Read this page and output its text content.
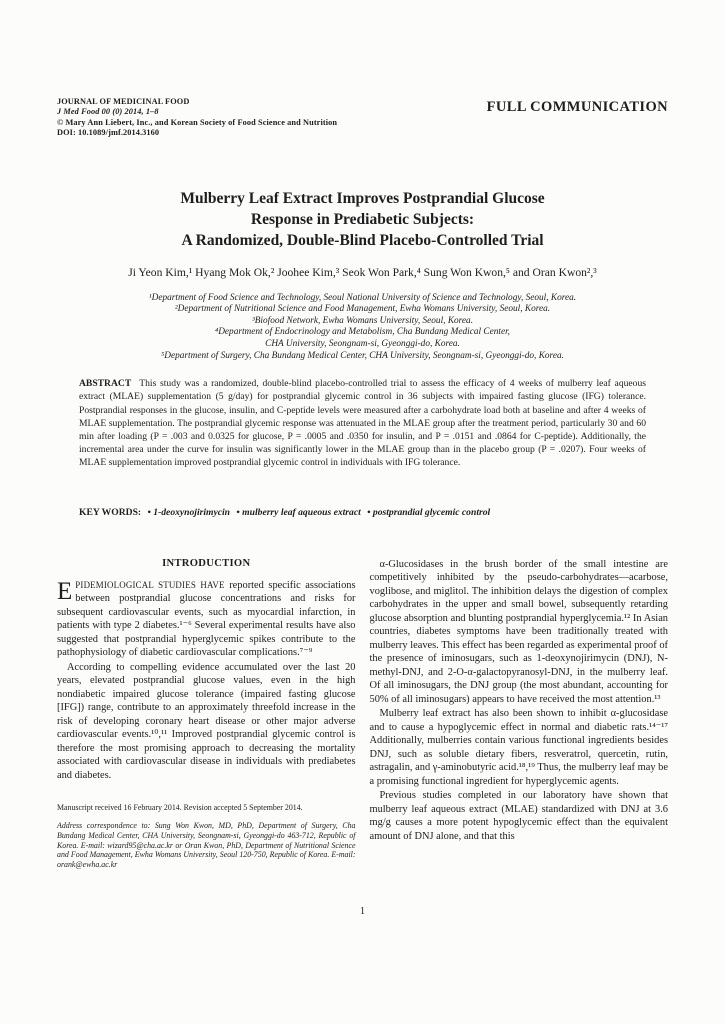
JOURNAL OF MEDICINAL FOOD
J Med Food 00 (0) 2014, 1–8
© Mary Ann Liebert, Inc., and Korean Society of Food Science and Nutrition
DOI: 10.1089/jmf.2014.3160
FULL COMMUNICATION
Mulberry Leaf Extract Improves Postprandial Glucose
Response in Prediabetic Subjects:
A Randomized, Double-Blind Placebo-Controlled Trial
Ji Yeon Kim,¹ Hyang Mok Ok,² Joohee Kim,³ Seok Won Park,⁴ Sung Won Kwon,⁵ and Oran Kwon²,³
¹Department of Food Science and Technology, Seoul National University of Science and Technology, Seoul, Korea.
²Department of Nutritional Science and Food Management, Ewha Womans University, Seoul, Korea.
³Biofood Network, Ewha Womans University, Seoul, Korea.
⁴Department of Endocrinology and Metabolism, Cha Bundang Medical Center,
CHA University, Seongnam-si, Gyeonggi-do, Korea.
⁵Department of Surgery, Cha Bundang Medical Center, CHA University, Seongnam-si, Gyeonggi-do, Korea.

ABSTRACT This study was a randomized, double-blind placebo-controlled trial to assess the efficacy of 4 weeks of mulberry leaf aqueous extract (MLAE) supplementation (5 g/day) for postprandial glycemic control in 36 subjects with impaired fasting glucose (IFG) tolerance. Postprandial responses in the glucose, insulin, and C-peptide levels were measured after a carbohydrate load both at baseline and after 4 weeks of MLAE supplementation. The postprandial glycemic response was attenuated in the MLAE group after the treatment period, particularly 30 and 60 min after loading (P = .003 and 0.0325 for glucose, P = .0005 and .0350 for insulin, and P = .0151 and .0864 for C-peptide). Additionally, the incremental area under the curve for insulin was significantly lower in the MLAE group than in the placebo group (P = .0207). Four weeks of MLAE supplementation improved postprandial glycemic control in individuals with IFG tolerance.

KEY WORDS: • 1-deoxynojirimycin • mulberry leaf aqueous extract • postprandial glycemic control

INTRODUCTION

EPIDEMIOLOGICAL STUDIES HAVE reported specific associations between postprandial glucose concentrations and risks for subsequent cardiovascular events, such as myocardial infarction, in patients with type 2 diabetes.¹⁻⁶ Several experimental results have also suggested that postprandial hyperglycemic spikes contribute to the pathophysiology of diabetic cardiovascular complications.⁷⁻⁹

According to compelling evidence accumulated over the last 20 years, elevated postprandial glucose values, even in the high nondiabetic impaired glucose tolerance (impaired fasting glucose [IFG]) range, contribute to an approximately threefold increase in the risk of developing coronary heart disease or other major adverse cardiovascular events.¹⁰,¹¹ Improved postprandial glycemic control is therefore the most promising approach to decreasing the mortality associated with cardiovascular disease in individuals with prediabetes and diabetes.

Manuscript received 16 February 2014. Revision accepted 5 September 2014.

Address correspondence to: Sung Won Kwon, MD, PhD, Department of Surgery, Cha Bundang Medical Center, CHA University, Seongnam-si, Gyeonggi-do 463-712, Republic of Korea. E-mail: wizard95@cha.ac.kr or Oran Kwon, PhD, Department of Nutritional Science and Food Management, Ewha Womans University, Seoul 120-750, Republic of Korea. E-mail: orank@ewha.ac.kr

α-Glucosidases in the brush border of the small intestine are competitively inhibited by the pseudo-carbohydrates—acarbose, voglibose, and miglitol. The inhibition delays the digestion of complex carbohydrates in the upper and small bowel, subsequently retarding glucose absorption and blunting postprandial hyperglycemia.¹² In Asian countries, diabetes symptoms have been traditionally treated with mulberry leaves. This effect has been regarded as experimental proof of the presence of iminosugars, such as 1-deoxynojirimycin (DNJ), N-methyl-DNJ, and 2-O-α-galactopyranosyl-DNJ, in the mulberry leaf. Of all iminosugars, the DNJ group (the most abundant, accounting for 50% of all iminosugars) appears to have received the most attention.¹³

Mulberry leaf extract has also been shown to inhibit α-glucosidase and to cause a hypoglycemic effect in normal and diabetic rats.¹⁴⁻¹⁷ Additionally, mulberries contain various functional ingredients besides DNJ, such as soluble dietary fibers, resveratrol, quercetin, rutin, astragalin, and γ-aminobutyric acid.¹⁸,¹⁹ Thus, the mulberry leaf may be a promising functional ingredient for hyperglycemic agents.

Previous studies completed in our laboratory have shown that mulberry leaf aqueous extract (MLAE) standardized with DNJ at 3.6 mg/g causes a more potent hypoglycemic effect than the equivalent amount of DNJ alone, and that this

1
